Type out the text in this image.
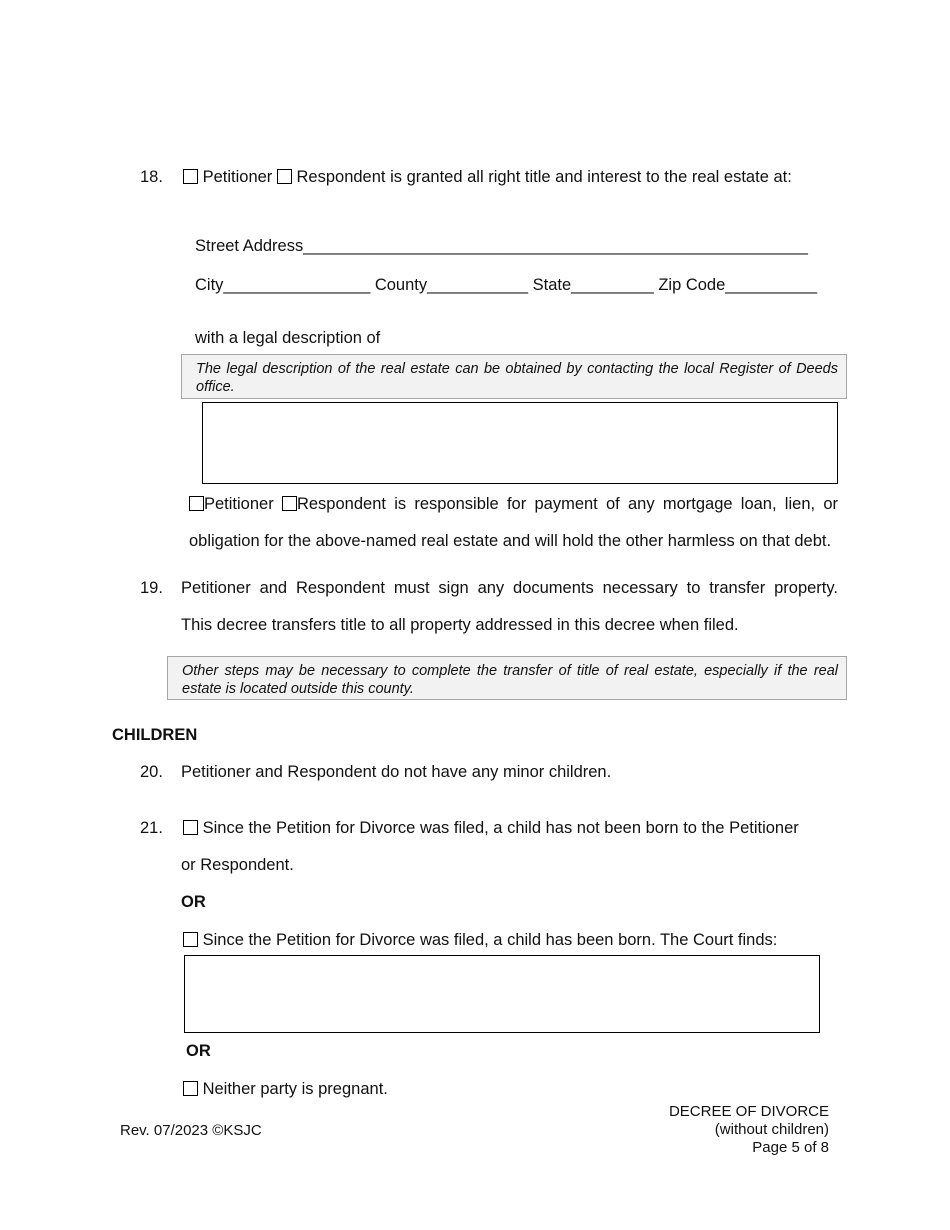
18.	Petitioner Respondent is granted all right title and interest to the real estate at:
Street Address_______________________________________________________
City________________ County___________ State_________ Zip Code__________
with a legal description of
The legal description of the real estate can be obtained by contacting the local Register of Deeds office.
Petitioner Respondent is responsible for payment of any mortgage loan, lien, or
obligation for the above-named real estate and will hold the other harmless on that debt.
19. Petitioner and Respondent must sign any documents necessary to transfer property.
This decree transfers title to all property addressed in this decree when filed.
Other steps may be necessary to complete the transfer of title of real estate, especially if the real estate is located outside this county.
CHILDREN
20. Petitioner and Respondent do not have any minor children.
21.	Since the Petition for Divorce was filed, a child has not been born to the Petitioner
or Respondent.
OR
Since the Petition for Divorce was filed, a child has been born. The Court finds:
OR
Neither party is pregnant.
Rev. 07/2023 ©KSJC
DECREE OF DIVORCE
(without children)
Page 5 of 8
